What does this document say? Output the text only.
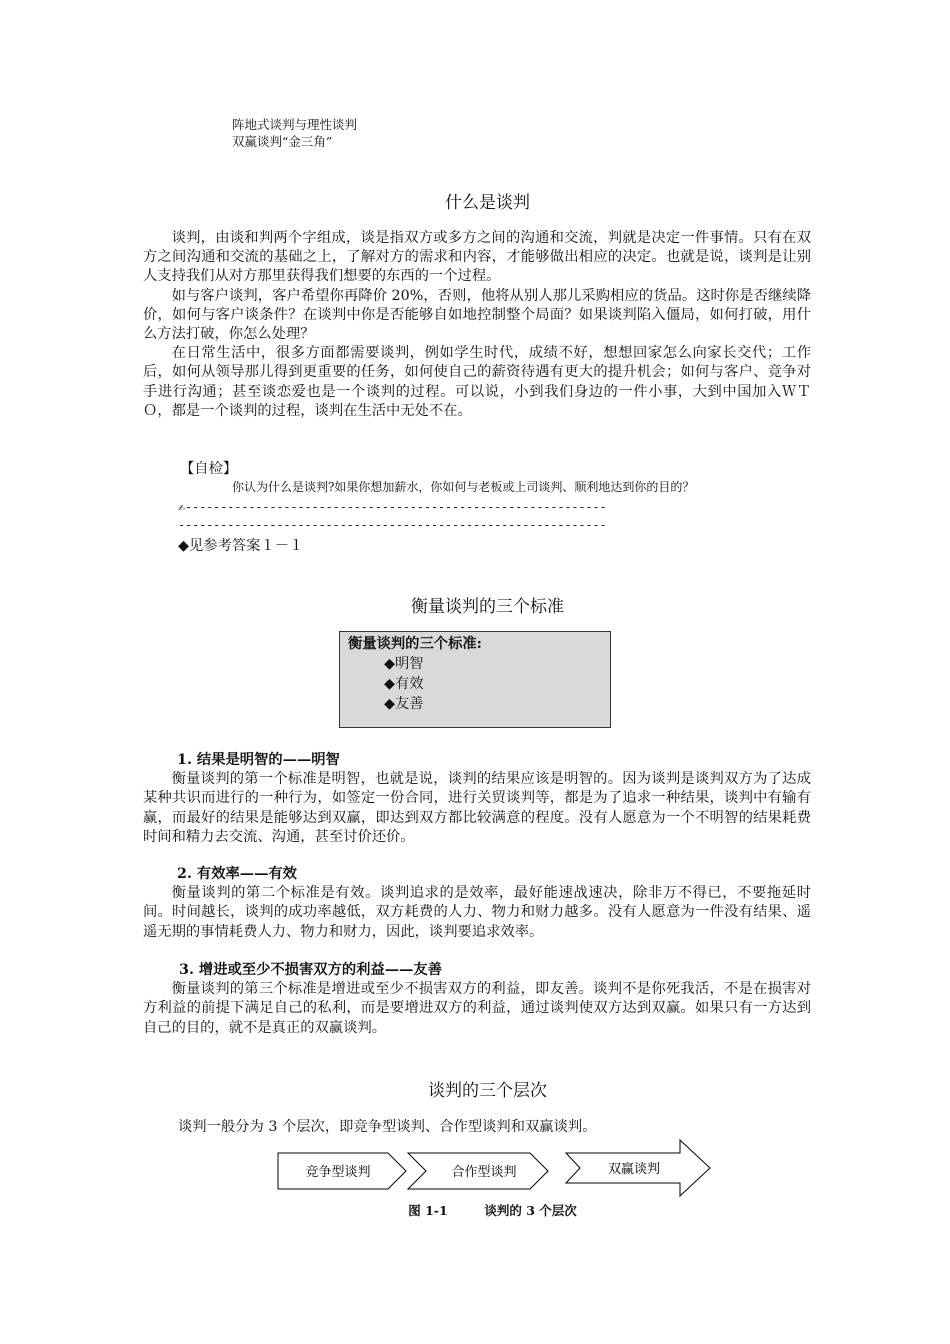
阵地式谈判与理性谈判
双赢谈判“金三角”
什么是谈判

谈判，由谈和判两个字组成，谈是指双方或多方之间的沟通和交流，判就是决定一件事情。只有在双方之间沟通和交流的基础之上，了解对方的需求和内容，才能够做出相应的决定。也就是说，谈判是让别人支持我们从对方那里获得我们想要的东西的一个过程。

如与客户谈判，客户希望你再降价 20%，否则，他将从别人那儿采购相应的货品。这时你是否继续降价，如何与客户谈条件？在谈判中你是否能够自如地控制整个局面？如果谈判陷入僵局，如何打破，用什么方法打破，你怎么处理？

在日常生活中，很多方面都需要谈判，例如学生时代，成绩不好，想想回家怎么向家长交代；工作后，如何从领导那儿得到更重要的任务，如何使自己的薪资待遇有更大的提升机会；如何与客户、竞争对手进行沟通；甚至谈恋爱也是一个谈判的过程。可以说，小到我们身边的一件小事，大到中国加入ＷＴＯ，都是一个谈判的过程，谈判在生活中无处不在。

【自检】
你认为什么是谈判?如果你想加薪水，你如何与老板或上司谈判、顺利地达到你的目的？
✍------------------------------------------------------------
-------------------------------------------------------------
◆见参考答案１－１
衡量谈判的三个标准
衡量谈判的三个标准:
◆明智
◆有效
◆友善

1. 结果是明智的——明智

衡量谈判的第一个标准是明智，也就是说，谈判的结果应该是明智的。因为谈判是谈判双方为了达成某种共识而进行的一种行为，如签定一份合同，进行关贸谈判等，都是为了追求一种结果，谈判中有输有赢，而最好的结果是能够达到双赢，即达到双方都比较满意的程度。没有人愿意为一个不明智的结果耗费时间和精力去交流、沟通，甚至讨价还价。

2. 有效率——有效

衡量谈判的第二个标准是有效。谈判追求的是效率，最好能速战速决，除非万不得已，不要拖延时间。时间越长，谈判的成功率越低，双方耗费的人力、物力和财力越多。没有人愿意为一件没有结果、遥遥无期的事情耗费人力、物力和财力，因此，谈判要追求效率。

3. 增进或至少不损害双方的利益——友善

衡量谈判的第三个标准是增进或至少不损害双方的利益，即友善。谈判不是你死我活，不是在损害对方利益的前提下满足自己的私利，而是要增进双方的利益，通过谈判使双方达到双赢。如果只有一方达到自己的目的，就不是真正的双赢谈判。

谈判的三个层次
谈判一般分为 3 个层次，即竞争型谈判、合作型谈判和双赢谈判。
竞争型谈判	合作型谈判	双赢谈判
图 1-1	谈判的 3 个层次
